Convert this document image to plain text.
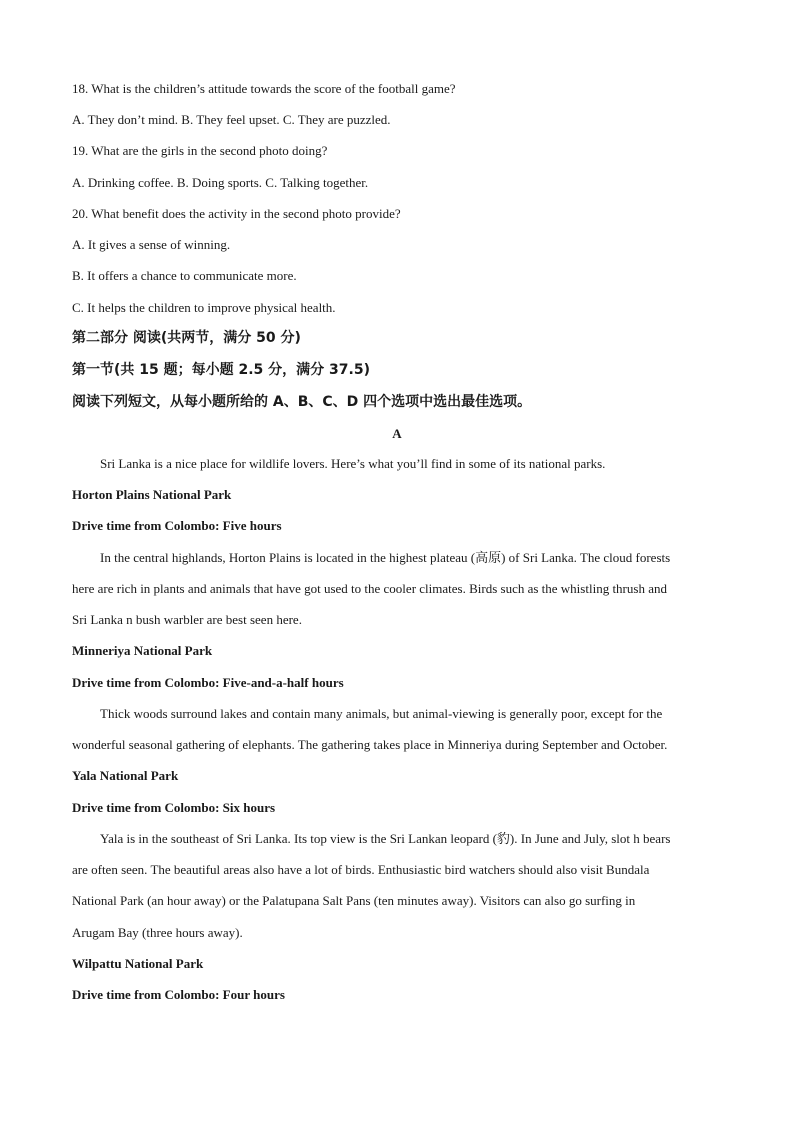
18. What is the children’s attitude towards the score of the football game?
A. They don’t mind. B. They feel upset. C. They are puzzled.
19. What are the girls in the second photo doing?
A. Drinking coffee. B. Doing sports. C. Talking together.
20. What benefit does the activity in the second photo provide?
A. It gives a sense of winning.
B. It offers a chance to communicate more.
C. It helps the children to improve physical health.
第二部分 阅读(共两节，满分 50 分)
第一节(共 15 题；每小题 2.5 分，满分 37.5)
阅读下列短文，从每小题所给的 A、B、C、D 四个选项中选出最佳选项。
A
Sri Lanka is a nice place for wildlife lovers. Here’s what you’ll find in some of its national parks.
Horton Plains National Park
Drive time from Colombo: Five hours
In the central highlands, Horton Plains is located in the highest plateau (高原) of Sri Lanka. The cloud forests
here are rich in plants and animals that have got used to the cooler climates. Birds such as the whistling thrush and
Sri Lanka n bush warbler are best seen here.
Minneriya National Park
Drive time from Colombo: Five-and-a-half hours
Thick woods surround lakes and contain many animals, but animal-viewing is generally poor, except for the
wonderful seasonal gathering of elephants. The gathering takes place in Minneriya during September and October.
Yala National Park
Drive time from Colombo: Six hours
Yala is in the southeast of Sri Lanka. Its top view is the Sri Lankan leopard (豹). In June and July, slot h bears
are often seen. The beautiful areas also have a lot of birds. Enthusiastic bird watchers should also visit Bundala
National Park (an hour away) or the Palatupana Salt Pans (ten minutes away). Visitors can also go surfing in
Arugam Bay (three hours away).
Wilpattu National Park
Drive time from Colombo: Four hours
